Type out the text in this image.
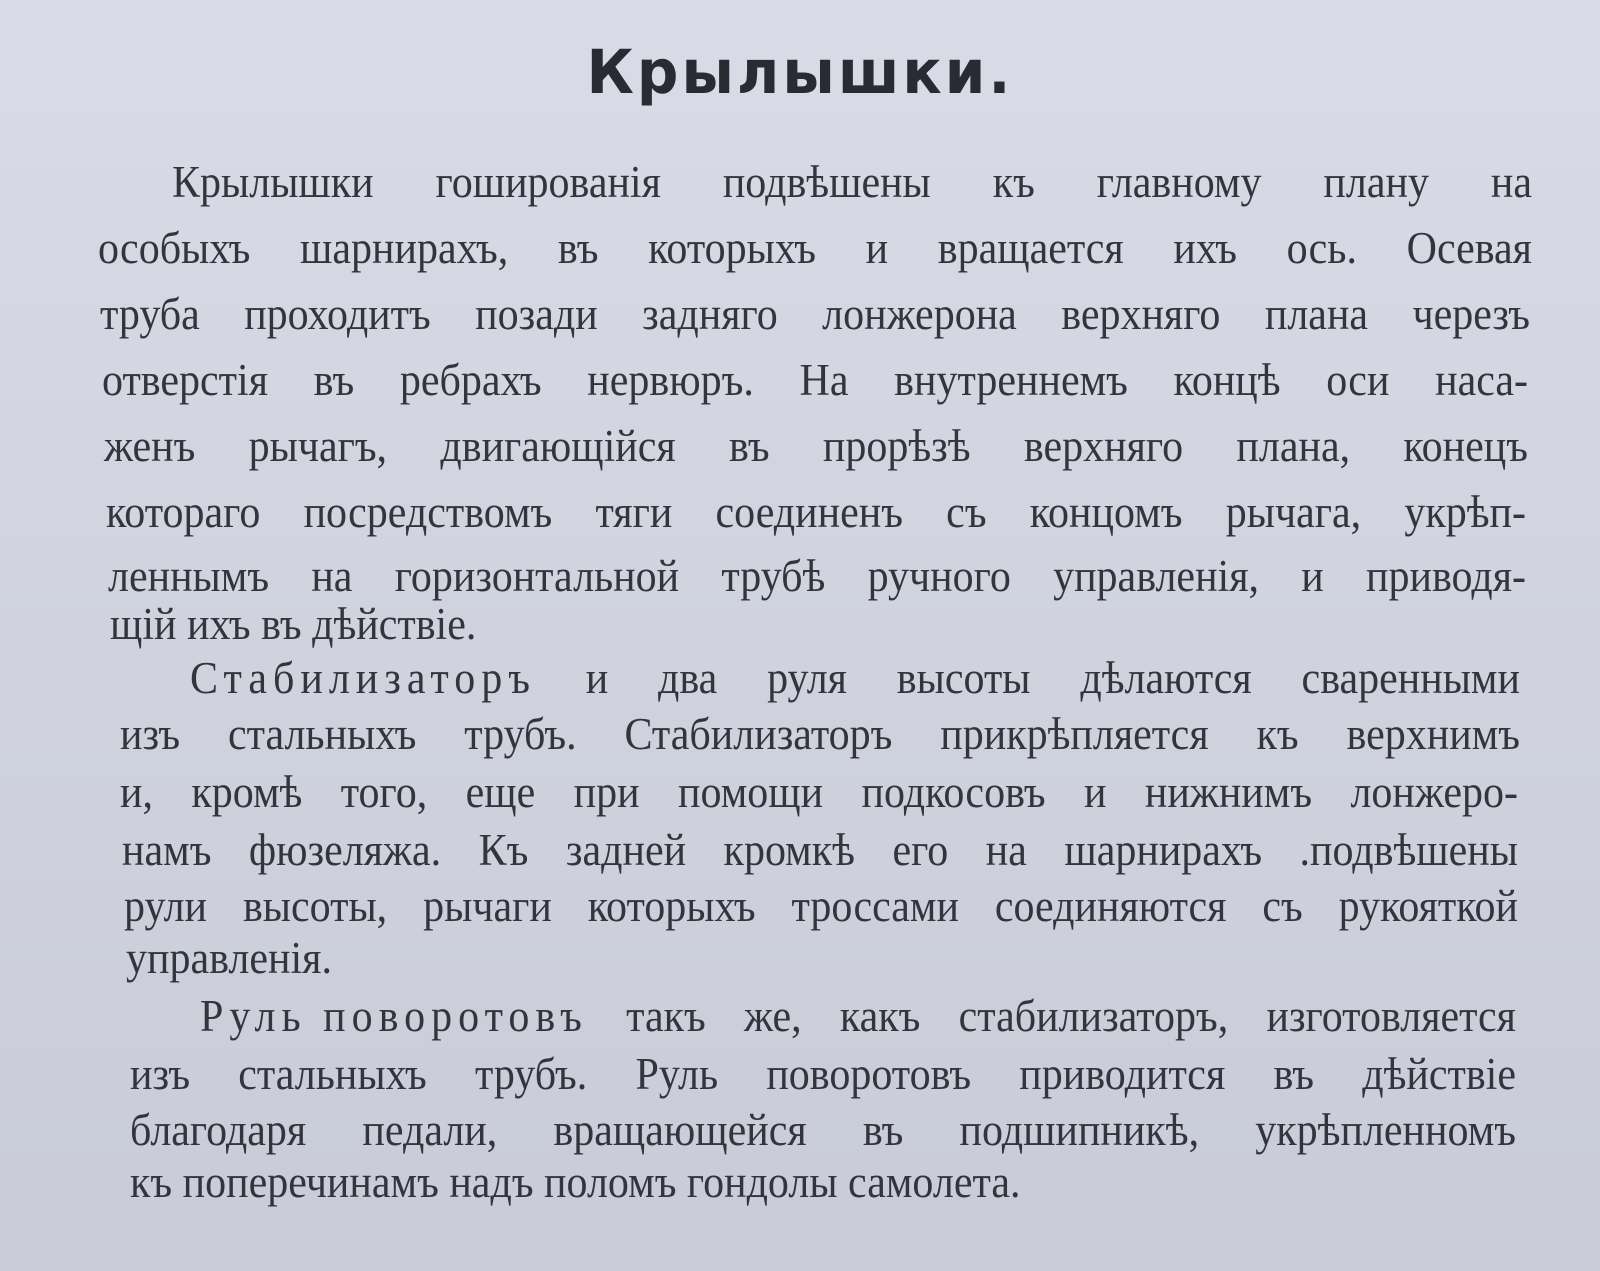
Крылышки.
Крылышки гошированія подвѣшены къ главному плану на
особыхъ шарнирахъ, въ которыхъ и вращается ихъ ось. Осевая
труба проходитъ позади задняго лонжерона верхняго плана черезъ
отверстія въ ребрахъ нервюръ. На внутреннемъ концѣ оси наса-
женъ рычагъ, двигающійся въ прорѣзѣ верхняго плана, конецъ
котораго посредствомъ тяги соединенъ съ концомъ рычага, укрѣп-
леннымъ на горизонтальной трубѣ ручного управленія, и приводя-
щій ихъ въ дѣйствіе.
Стабилизаторъ и два руля высоты дѣлаются сваренными
изъ стальныхъ трубъ. Стабилизаторъ прикрѣпляется къ верхнимъ
и, кромѣ того, еще при помощи подкосовъ и нижнимъ лонжеро-
намъ фюзеляжа. Къ задней кромкѣ его на шарнирахъ .подвѣшены
рули высоты, рычаги которыхъ троссами соединяются съ рукояткой
управленія.
Руль поворотовъ такъ же, какъ стабилизаторъ, изготовляется
изъ стальныхъ трубъ. Руль поворотовъ приводится въ дѣйствіе
благодаря педали, вращающейся въ подшипникѣ, укрѣпленномъ
къ поперечинамъ надъ поломъ гондолы самолета.
